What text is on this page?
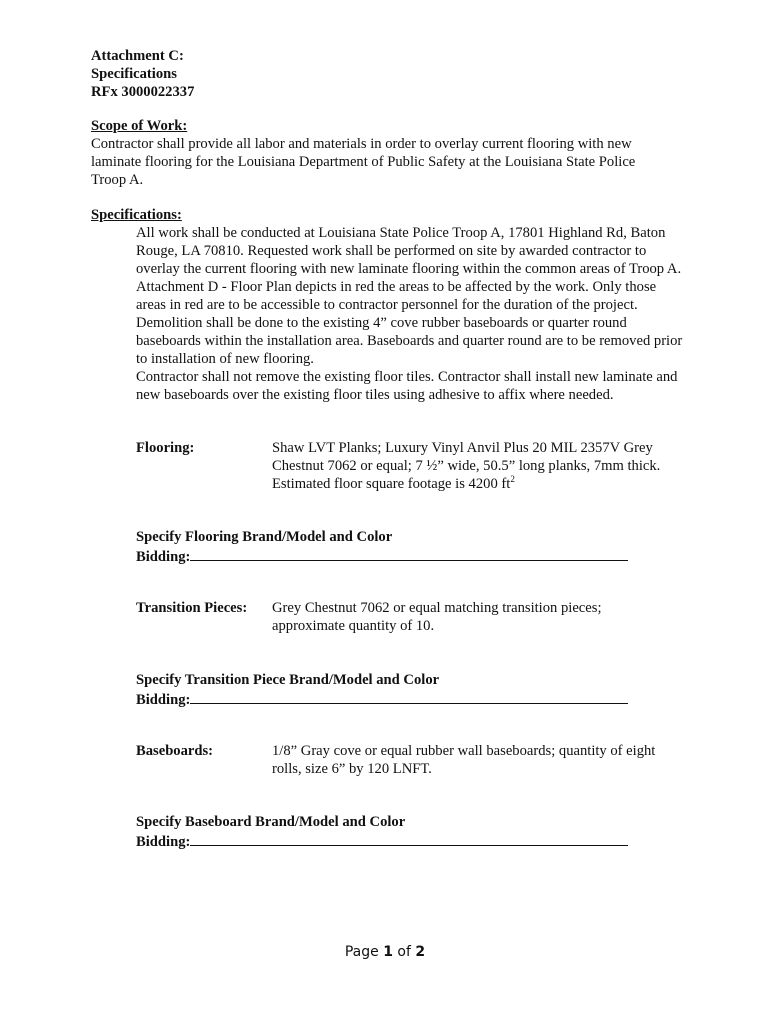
Attachment C:

Specifications

RFx 3000022337

Scope of Work:

Contractor shall provide all labor and materials in order to overlay current flooring with new laminate flooring for the Louisiana Department of Public Safety at the Louisiana State Police Troop A.

Specifications:

All work shall be conducted at Louisiana State Police Troop A, 17801 Highland Rd, Baton Rouge, LA 70810. Requested work shall be performed on site by awarded contractor to overlay the current flooring with new laminate flooring within the common areas of Troop A. Attachment D - Floor Plan depicts in red the areas to be affected by the work. Only those areas in red are to be accessible to contractor personnel for the duration of the project.

Demolition shall be done to the existing 4” cove rubber baseboards or quarter round baseboards within the installation area. Baseboards and quarter round are to be removed prior to installation of new flooring.

Contractor shall not remove the existing floor tiles. Contractor shall install new laminate and new baseboards over the existing floor tiles using adhesive to affix where needed.

Flooring:	Shaw LVT Planks; Luxury Vinyl Anvil Plus 20 MIL 2357V Grey Chestnut 7062 or equal; 7 ½” wide, 50.5” long planks, 7mm thick. Estimated floor square footage is 4200 $ft^2$

Specify Flooring Brand/Model and Color

Bidding:

Transition Pieces: Grey Chestnut 7062 or equal matching transition pieces; approximate quantity of 10.

Specify Transition Piece Brand/Model and Color

Bidding:

Baseboards:	1/8” Gray cove or equal rubber wall baseboards; quantity of eight rolls, size 6” by 120 LNFT.

Specify Baseboard Brand/Model and Color

Bidding:

Page 1 of 2
